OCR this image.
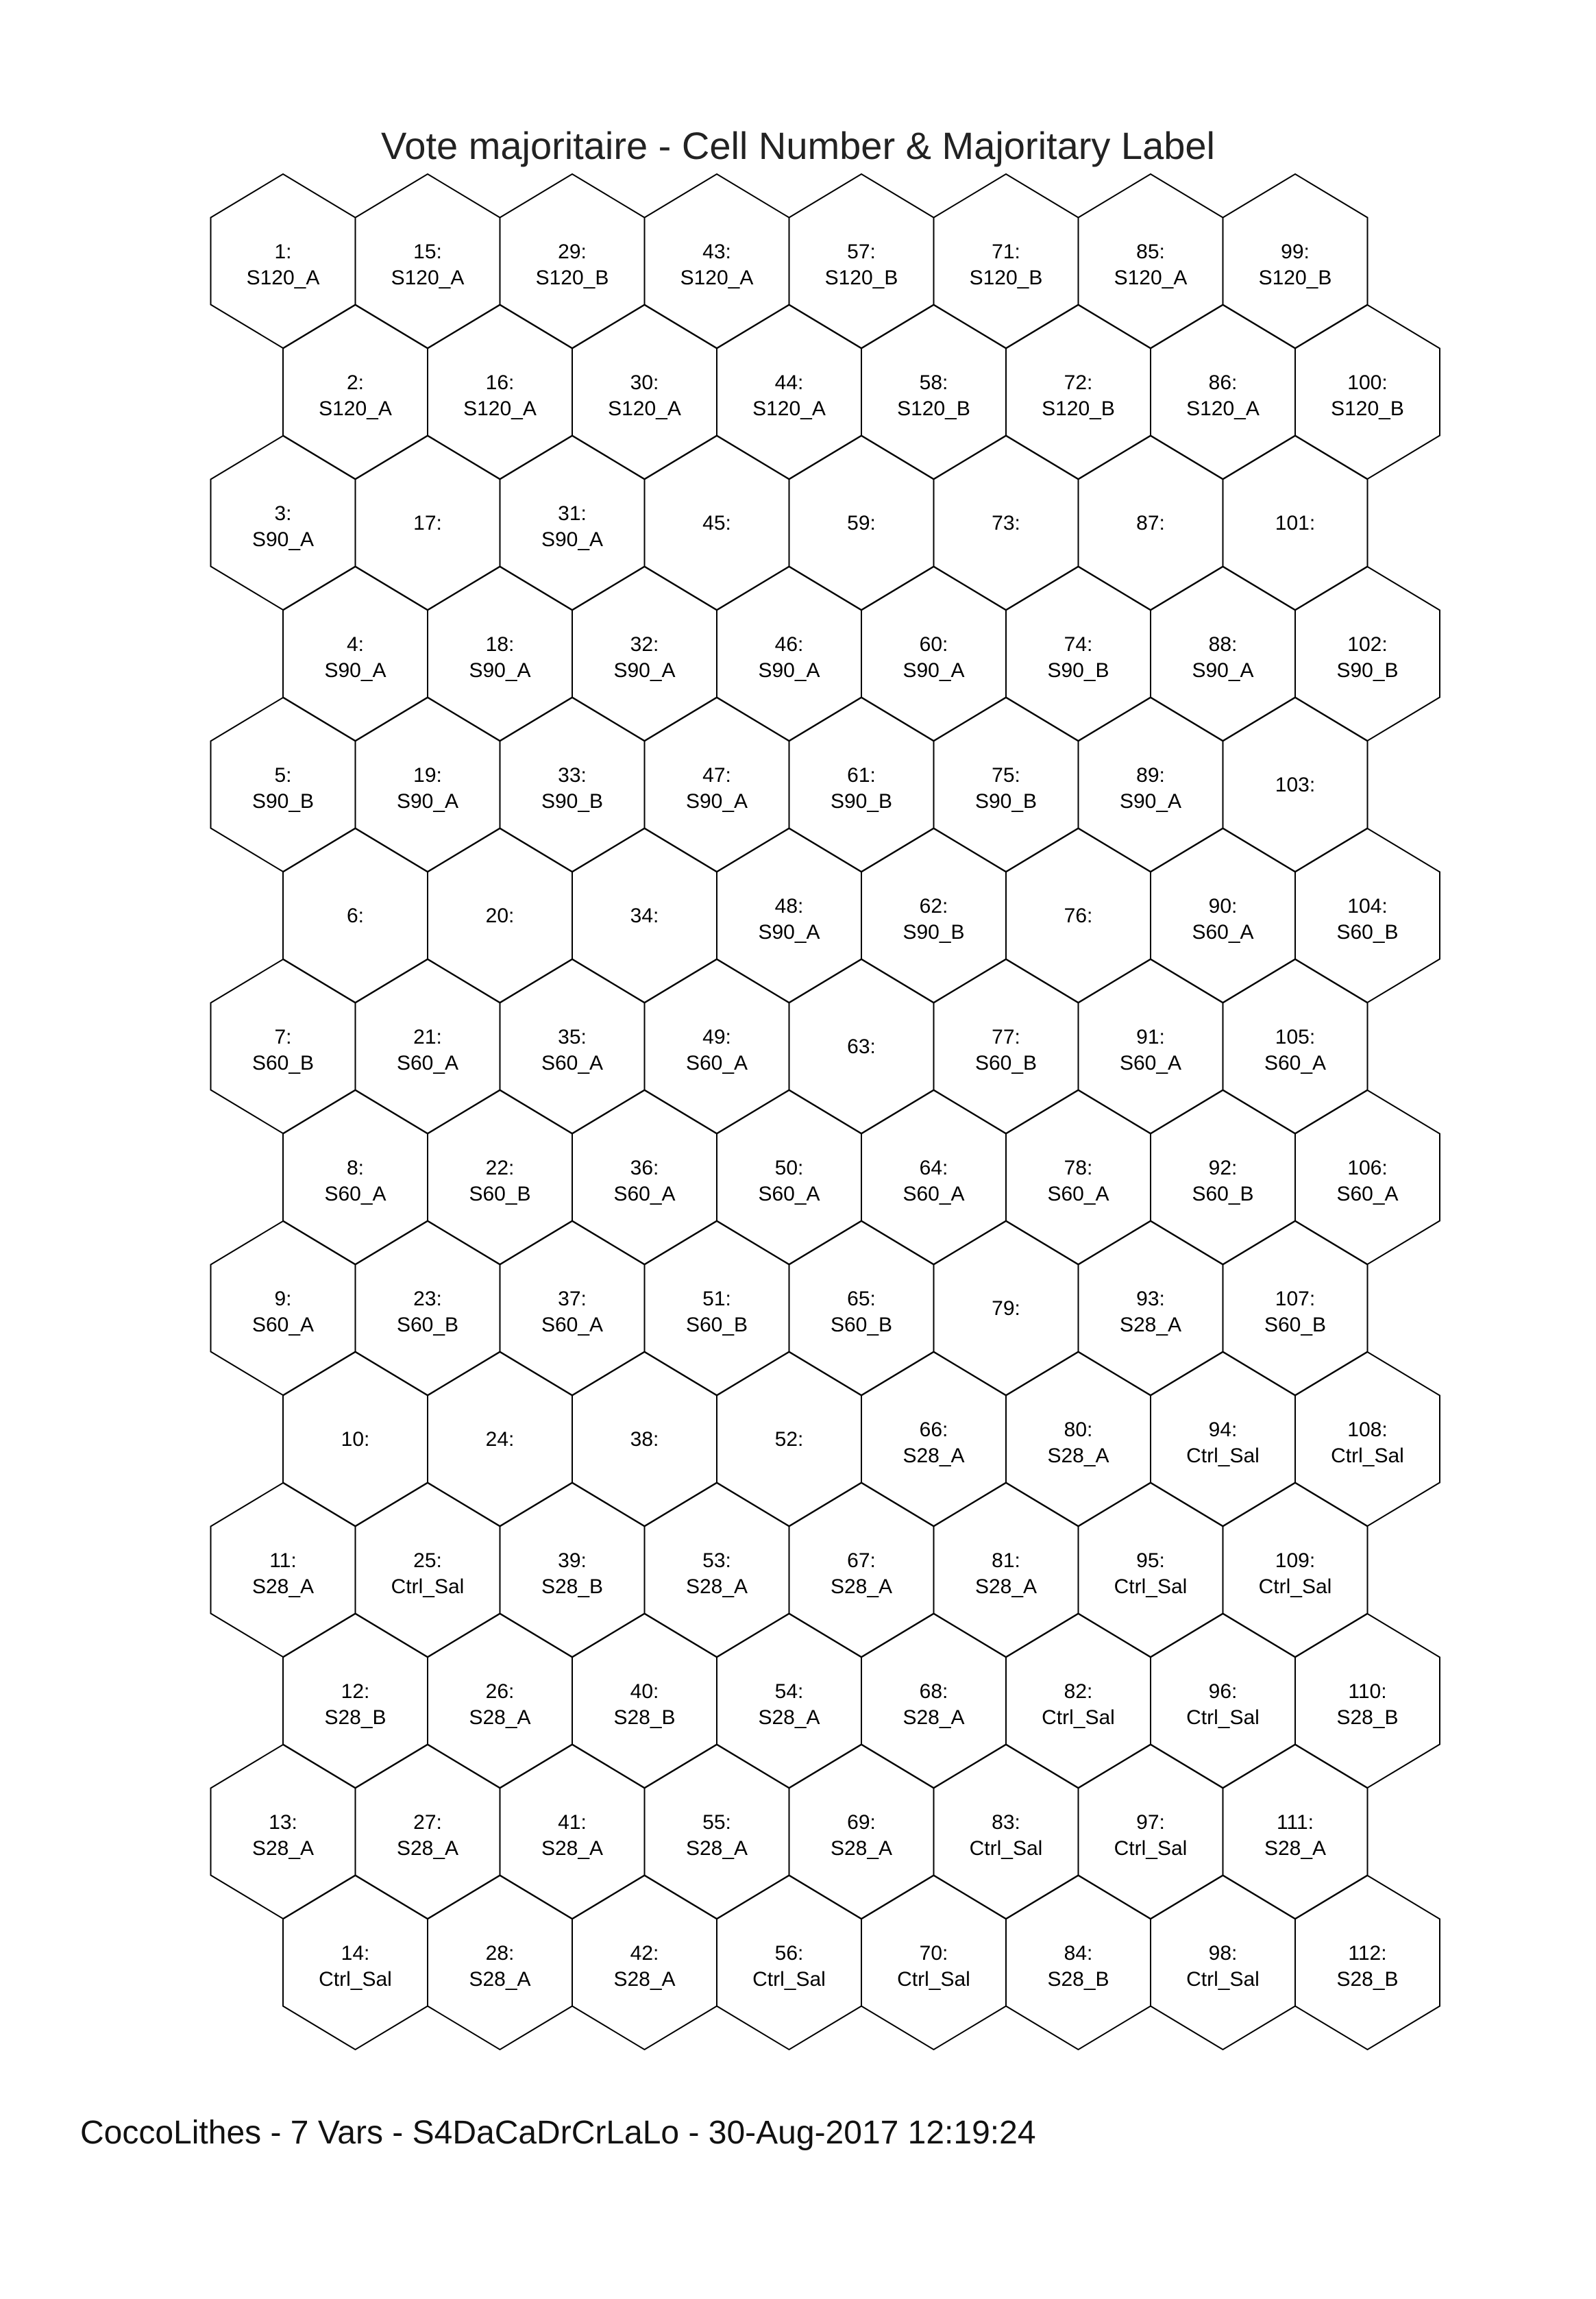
Vote majoritaire - Cell Number & Majoritary Label
1:
S120_A
2:
S120_A
3:
S90_A
4:
S90_A
5:
S90_B
6:
7:
S60_B
8:
S60_A
9:
S60_A
10:
11:
S28_A
12:
S28_B
13:
S28_A
14:
Ctrl_Sal
15:
S120_A
16:
S120_A
17:
18:
S90_A
19:
S90_A
20:
21:
S60_A
22:
S60_B
23:
S60_B
24:
25:
Ctrl_Sal
26:
S28_A
27:
S28_A
28:
S28_A
29:
S120_B
30:
S120_A
31:
S90_A
32:
S90_A
33:
S90_B
34:
35:
S60_A
36:
S60_A
37:
S60_A
38:
39:
S28_B
40:
S28_B
41:
S28_A
42:
S28_A
43:
S120_A
44:
S120_A
45:
46:
S90_A
47:
S90_A
48:
S90_A
49:
S60_A
50:
S60_A
51:
S60_B
52:
53:
S28_A
54:
S28_A
55:
S28_A
56:
Ctrl_Sal
57:
S120_B
58:
S120_B
59:
60:
S90_A
61:
S90_B
62:
S90_B
63:
64:
S60_A
65:
S60_B
66:
S28_A
67:
S28_A
68:
S28_A
69:
S28_A
70:
Ctrl_Sal
71:
S120_B
72:
S120_B
73:
74:
S90_B
75:
S90_B
76:
77:
S60_B
78:
S60_A
79:
80:
S28_A
81:
S28_A
82:
Ctrl_Sal
83:
Ctrl_Sal
84:
S28_B
85:
S120_A
86:
S120_A
87:
88:
S90_A
89:
S90_A
90:
S60_A
91:
S60_A
92:
S60_B
93:
S28_A
94:
Ctrl_Sal
95:
Ctrl_Sal
96:
Ctrl_Sal
97:
Ctrl_Sal
98:
Ctrl_Sal
99:
S120_B
100:
S120_B
101:
102:
S90_B
103:
104:
S60_B
105:
S60_A
106:
S60_A
107:
S60_B
108:
Ctrl_Sal
109:
Ctrl_Sal
110:
S28_B
111:
S28_A
112:
S28_B
CoccoLithes - 7 Vars - S4DaCaDrCrLaLo - 30-Aug-2017 12:19:24
